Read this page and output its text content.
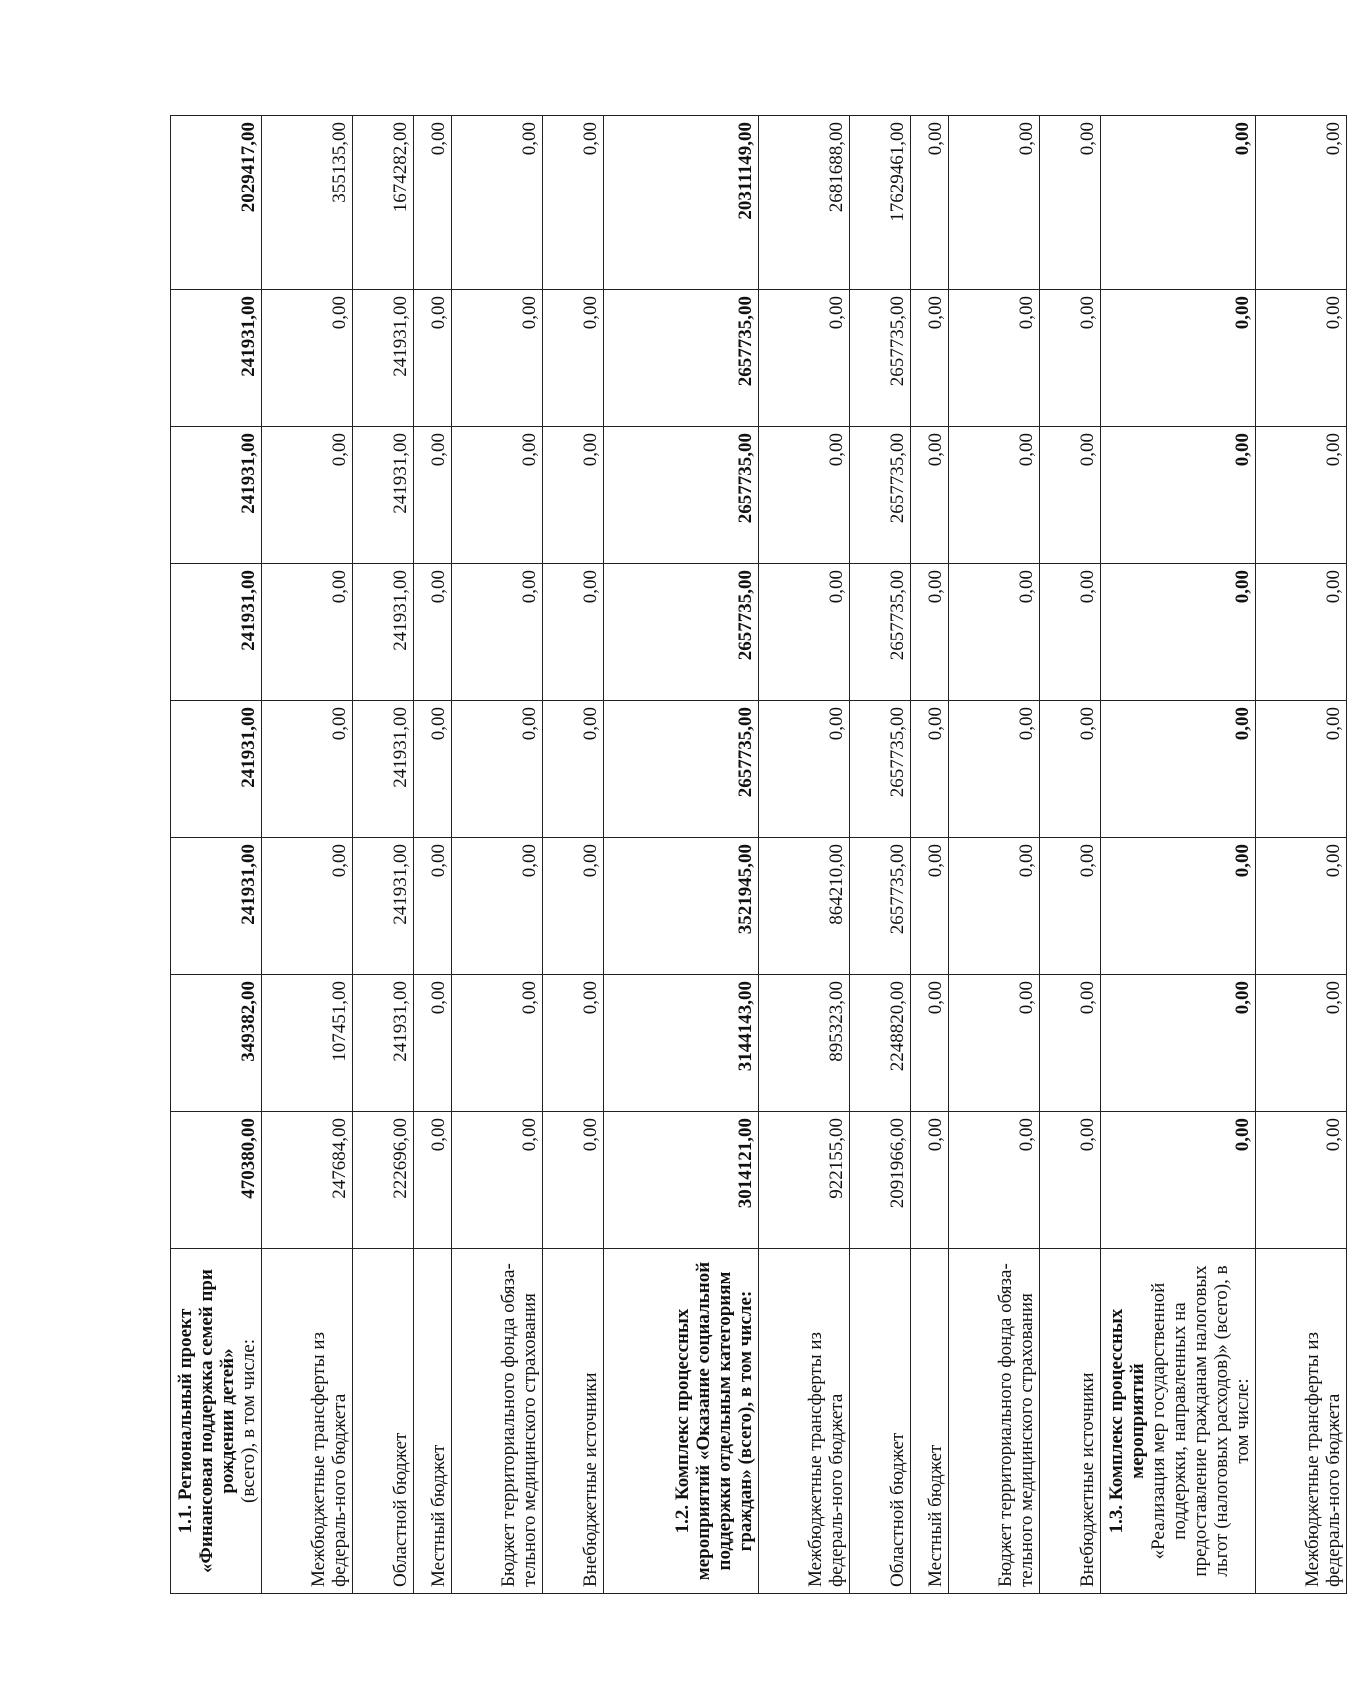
1.1. Региональный проект «Финансовая поддержка семей при рождении детей» (всего), в том числе:	470380,00	349382,00	241931,00	241931,00	241931,00	241931,00	241931,00	2029417,00
Межбюджетные трансферты из федераль-ного бюджета	247684,00	107451,00	0,00	0,00	0,00	0,00	0,00	355135,00
Областной бюджет	222696,00	241931,00	241931,00	241931,00	241931,00	241931,00	241931,00	1674282,00
Местный бюджет	0,00	0,00	0,00	0,00	0,00	0,00	0,00	0,00
Бюджет территориального фонда обяза-тельного медицинского страхования	0,00	0,00	0,00	0,00	0,00	0,00	0,00	0,00
Внебюджетные источники	0,00	0,00	0,00	0,00	0,00	0,00	0,00	0,00

1.2. Комплекс процессных мероприятий «Оказание социальной поддержки отдельным категориям граждан» (всего), в том числе:	3014121,00	3144143,00	3521945,00	2657735,00	2657735,00	2657735,00	2657735,00	20311149,00
Межбюджетные трансферты из федераль-ного бюджета	922155,00	895323,00	864210,00	0,00	0,00	0,00	0,00	2681688,00
Областной бюджет	2091966,00	2248820,00	2657735,00	2657735,00	2657735,00	2657735,00	2657735,00	17629461,00
Местный бюджет	0,00	0,00	0,00	0,00	0,00	0,00	0,00	0,00
Бюджет территориального фонда обяза-тельного медицинского страхования	0,00	0,00	0,00	0,00	0,00	0,00	0,00	0,00
Внебюджетные источники	0,00	0,00	0,00	0,00	0,00	0,00	0,00	0,00

1.3. Комплекс процессных мероприятий «Реализация мер государственной поддержки, направленных на предоставление гражданам налоговых льгот (налоговых расходов)» (всего), в том числе:	0,00	0,00	0,00	0,00	0,00	0,00	0,00	0,00
Межбюджетные трансферты из федераль-ного бюджета	0,00	0,00	0,00	0,00	0,00	0,00	0,00	0,00
